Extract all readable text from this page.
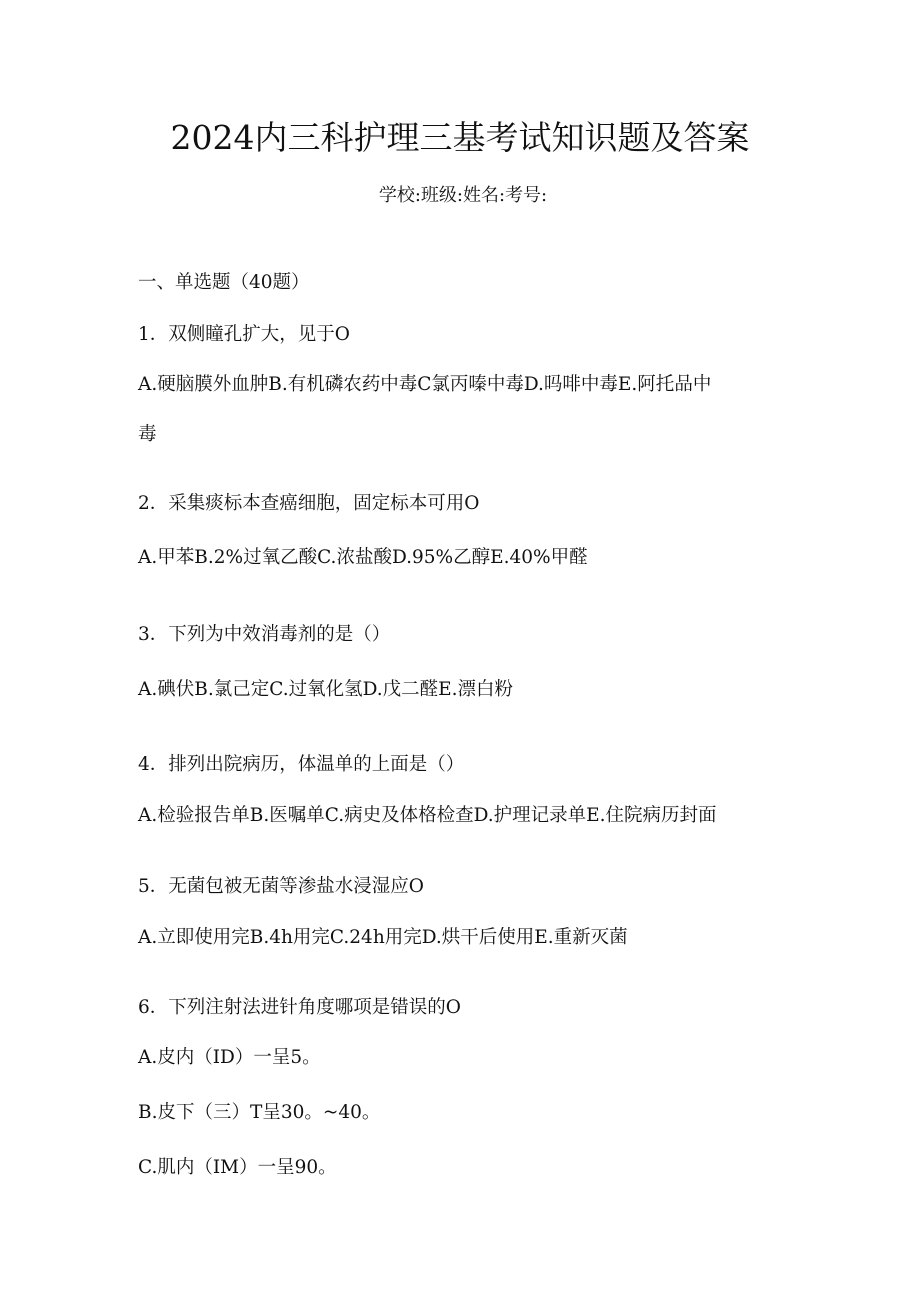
2024内三科护理三基考试知识题及答案
学校:班级:姓名:考号:
一、单选题（40题）
1．双侧瞳孔扩大，见于O
A.硬脑膜外血肿B.有机磷农药中毒C氯丙嗪中毒D.吗啡中毒E.阿托品中
毒
2．采集痰标本查癌细胞，固定标本可用O
A.甲苯B.2%过氧乙酸C.浓盐酸D.95%乙醇E.40%甲醛
3．下列为中效消毒剂的是（）
A.碘伏B.氯己定C.过氧化氢D.戊二醛E.漂白粉
4．排列出院病历，体温单的上面是（）
A.检验报告单B.医嘱单C.病史及体格检查D.护理记录单E.住院病历封面
5．无菌包被无菌等渗盐水浸湿应O
A.立即使用完B.4h用完C.24h用完D.烘干后使用E.重新灭菌
6．下列注射法进针角度哪项是错误的O
A.皮内（ID）一呈5。
B.皮下（三）T呈30。~40。
C.肌内（IM）一呈90。
